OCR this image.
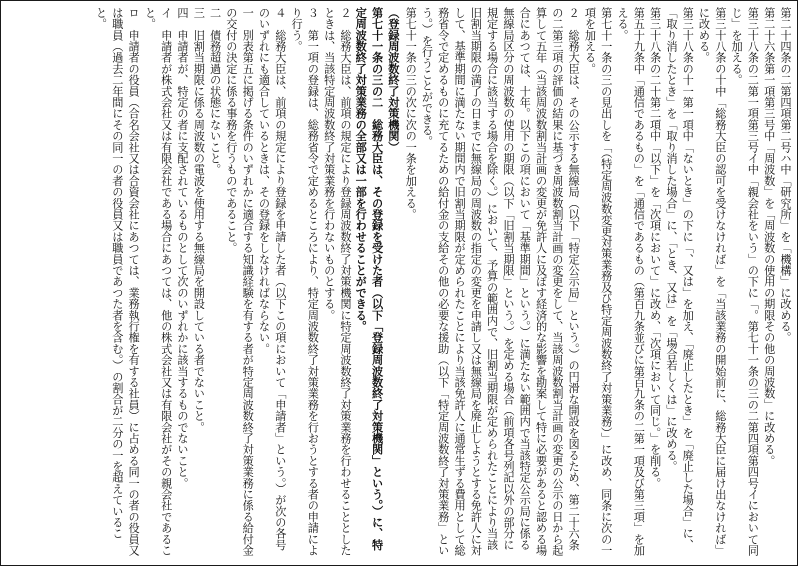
第二十四条の二第四項第二号ハ中「研究所」を「機構」に改める。

第二十六条第一項第三号中「周波数」を「周波数の使用の期限その他の周波数」に改める。

第三十八条の二第一項第三号イ中「親会社をいう」の下に「。第七十一条の三の二第四項第四号イにおいて同じ」を加える。

第三十八条の十中「総務大臣の認可を受けなければ」を「当該業務の開始前に、総務大臣に届け出なければ」に改める。

第三十八条の十一第一項中「ないとき」の下に「、又は」を加え、「廃止したとき」を「廃止した場合」に、「取り消したとき」を「取り消した場合」に、「とき、又は」を「場合若しくは」に改める。

第三十八条の二十第二項中「以下」を「次項において」に改め、「次項において同じ。」を削る。

第五十九条中「通信であるもの」を「通信であるもの（第百九条並びに第百九条の二第一項及び第三項」を加える。

第七十一条の三の見出しを「（特定周波数変更対策業務及び特定周波数終了対策業務）」に改め、同条に次の一項を加える。

２　総務大臣は、その公示する無線局（以下「特定公示局」という。）の円滑な開設を図るため、第二十六条の二第三項の評価の結果に基づき周波数割当計画の変更をして、当該周波数割当計画の変更の公示の日から起算して五年（当該周波数割当計画の変更が免許人に及ぼす経済的な影響を勘案して特に必要があると認める場合にあつては、十年。以下この項において「基準期間」という。）に満たない範囲内で当該特定公示局に係る無線局区分の周波数の使用の期限（以下「旧割当期限」という。）を定める場合（前項各号列記以外の部分に規定する場合に該当する場合を除く。）において、予算の範囲内で、旧割当期限が定められたことにより当該旧割当期限の満了の日までに無線局の周波数の指定の変更を申請し又は無線局を廃止しようとする免許人に対して、基準期間に満たない期間内で旧割当期限が定められたことにより当該免許人に通常生ずる費用として総務省令で定めるものに充てるための給付金の支給その他の必要な援助（以下「特定周波数終了対策業務」という。）を行うことができる。

第七十一条の三の次に次の一条を加える。

（登録周波数終了対策機関）

第七十一条の三の二　総務大臣は、その登録を受けた者（以下「登録周波数終了対策機関」という。）に、特定周波数終了対策業務の全部又は一部を行わせることができる。

２　総務大臣は、前項の規定により登録周波数終了対策機関に特定周波数終了対策業務を行わせることとしたときは、当該特定周波数終了対策業務を行わないものとする。

３　第一項の登録は、総務省令で定めるところにより、特定周波数終了対策業務を行おうとする者の申請により行う。

４　総務大臣は、前項の規定により登録を申請した者（以下この項において「申請者」という。）が次の各号のいずれにも適合しているときは、その登録をしなければならない。

一　別表第五に掲げる条件のいずれかに適合する知識経験を有する者が特定周波数終了対策業務に係る給付金の交付の決定に係る事務を行うものであること。

二　債務超過の状態にないこと。

三　旧割当期限に係る周波数の電波を使用する無線局を開設している者でないこと。

四　申請者が、特定の者に支配されているものとして次のいずれかに該当するものでないこと。

イ　申請者が株式会社又は有限会社である場合にあつては、他の株式会社又は有限会社がその親会社であること。

ロ　申請者の役員（合名会社又は合資会社にあつては、業務執行権を有する社員）に占める同一の者の役員又は職員（過去二年間にその同一の者の役員又は職員であつた者を含む。）の割合が二分の一を超えていること。
